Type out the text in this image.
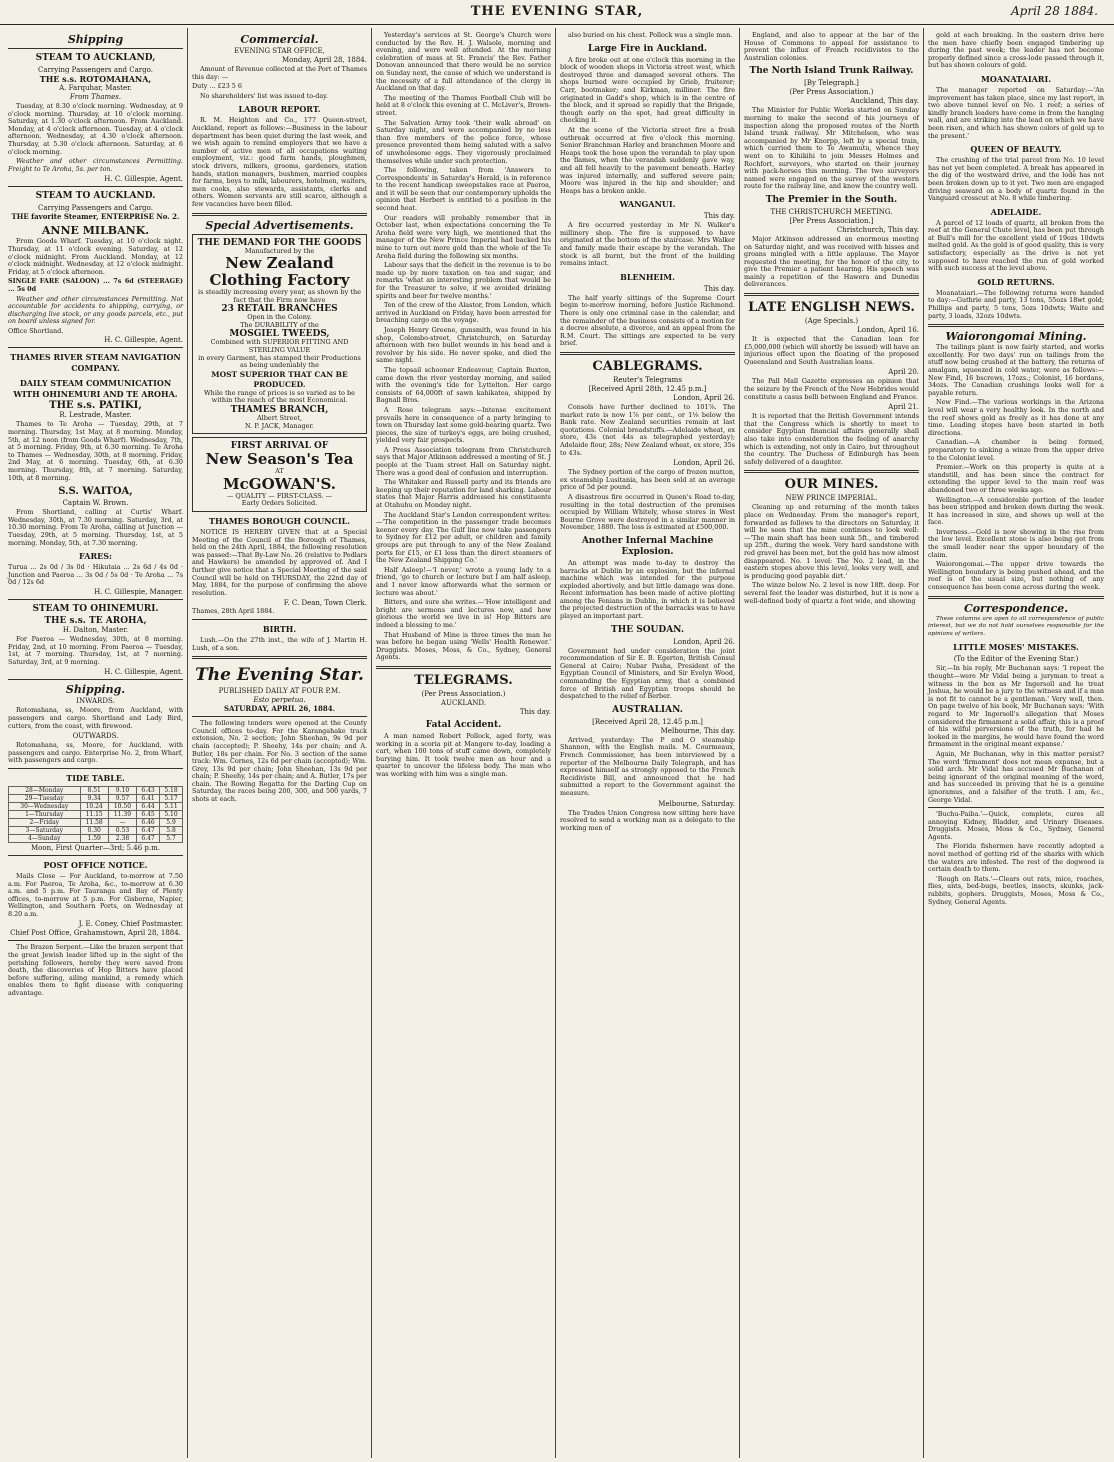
THE EVENING STAR,	April 28 1884.
Shipping
STEAM TO AUCKLAND,
Carrying Passengers and Cargo.
THE s.s. ROTOMAHANA,
A. Farquhar, Master.
From Thames.
Tuesday, at 8.30 o'clock morning. Wednesday, at 9 o'clock morning. Thursday, at 10 o'clock morning. Saturday, at 1.30 o'clock afternoon. From Auckland. Monday, at 4 o'clock afternoon. Tuesday, at 4 o'clock afternoon. Wednesday, at 4.30 o'clock afternoon. Thursday, at 5.30 o'clock afternoon. Saturday, at 6 o'clock morning.
Weather and other circumstances Permitting. Freight to Te Aroha, 5s. per ton.
H. C. Gillespie, Agent.
STEAM TO AUCKLAND.
Carrying Passengers and Cargo.
THE favorite Steamer, ENTERPRISE No. 2.
ANNE MILBANK.
From Goods Wharf. Tuesday, at 10 o'clock night. Thursday, at 11 o'clock evening. Saturday, at 12 o'clock midnight. From Auckland. Monday, at 12 o'clock midnight. Wednesday, at 12 o'clock midnight. Friday, at 5 o'clock afternoon.
SINGLE FARE (SALOON) ... 7s 6d (STEERAGE) ... 5s 0d
Weather and other circumstances Permitting. Not accountable for accidents to shipping, carrying, or discharging live stock, or any goods parcels, etc., put on board unless signed for.
Office Shortland.
H. C. Gillespie, Agent.
THAMES RIVER STEAM NAVIGATION COMPANY.
DAILY STEAM COMMUNICATION WITH OHINEMURI AND TE AROHA.
THE s.s. PATIKI,
R. Lestrade, Master.
Thames to Te Aroha — Tuesday, 29th, at 7 morning. Thursday, 1st May, at 8 morning. Monday, 5th, at 12 noon (from Goods Wharf). Wednesday, 7th, at 5 morning. Friday, 9th, at 6.30 morning. Te Aroha to Thames — Wednesday, 30th, at 8 morning. Friday, 2nd May, at 6 morning. Tuesday, 6th, at 6.30 morning. Thursday, 8th, at 7 morning. Saturday, 10th, at 8 morning.
S.S. WAITOA,
Captain W. Brown.
From Shortland, calling at Curtis' Wharf. Wednesday, 30th, at 7.30 morning. Saturday, 3rd, at 10.30 morning. From Te Aroha, calling at Junction — Tuesday, 29th, at 5 morning. Thursday, 1st, at 5 morning. Monday, 5th, at 7.30 morning.
FARES:
Turua ... 2s 0d / 3s 0d · Hikutaia ... 2s 6d / 4s 0d · Junction and Paeroa ... 3s 0d / 5s 0d · Te Aroha ... 7s 0d / 12s 6d
H. C. Gillespie, Manager.
STEAM TO OHINEMURI.
THE s.s. TE AROHA,
H. Dalton, Master.
For Paeroa — Wednesday, 30th, at 8 morning. Friday, 2nd, at 10 morning. From Paeroa — Tuesday, 1st, at 7 morning. Thursday, 1st, at 7 morning. Saturday, 3rd, at 9 morning.
H. C. Gillespie, Agent.
Shipping.
INWARDS.
Rotomahana, ss, Moore, from Auckland, with passengers and cargo. Shortland and Lady Bird, cutters, from the coast, with firewood.
OUTWARDS.
Rotomahana, ss, Moore, for Auckland, with passengers and cargo. Enterprise No. 2, from Wharf, with passengers and cargo.
TIDE TABLE.
28—Monday	8.51	9.10	6.43	5.18
29—Tuesday	9.34	9.57	6.41	5.17
30—Wednesday	10.24	10.50	6.44	5.11
1—Thursday	11.15	11.39	6.45	5.10
2—Friday	11.58	—	6.46	5.9
3—Saturday	0.30	0.53	6.47	5.8
4—Sunday	1.59	2.38	6.47	5.7
Moon, First Quarter—3rd; 5.46 p.m.
POST OFFICE NOTICE.
Mails Close — For Auckland, to-morrow at 7.50 a.m. For Paeroa, Te Aroha, &c., to-morrow at 6.30 a.m. and 5 p.m. For Tauranga and Bay of Plenty offices, to-morrow at 5 p.m. For Gisborne, Napier, Wellington, and Southern Ports, on Wednesday at 8.20 a.m.
J. E. Coney, Chief Postmaster.
Chief Post Office, Grahamstown, April 28, 1884.
The Brazen Serpent.—Like the brazen serpent that the great Jewish leader lifted up in the sight of the perishing followers, hereby they were saved from death, the discoveries of Hop Bitters have placed before suffering, ailing mankind, a remedy which enables them to fight disease with conquering advantage.
Commercial.
EVENING STAR OFFICE,
Monday, April 28, 1884.
Amount of Revenue collected at the Port of Thames this day: —
Duty ... £23 5 6
No shareholders' list was issued to-day.
LABOUR REPORT.
R. M. Heighton and Co., 177 Queen-street, Auckland, report as follows:—Business in the labour department has been quiet during the last week, and we wish again to remind employers that we have a number of active men of all occupations waiting employment, viz.: good farm hands, ploughmen, stock drivers, milkers, grooms, gardeners, station hands, station managers, bushmen, married couples for farms, boys to milk, labourers, hotelmen, waiters, men cooks, also stewards, assistants, clerks and others. Women servants are still scarce, although a few vacancies have been filled.
Special Advertisements.
THE DEMAND FOR THE GOODS
Manufactured by the
New Zealand Clothing Factory
is steadily increasing every year, as shown by the fact that the Firm now have
23 RETAIL BRANCHES
Open in the Colony.
The DURABILITY of the
MOSGIEL TWEEDS,
Combined with SUPERIOR FITTING AND STERLING VALUE
in every Garment, has stamped their Productions as being undeniably the
MOST SUPERIOR THAT CAN BE PRODUCED.
While the range of prices is so varied as to be within the reach of the most Economical.
THAMES BRANCH,
Albert Street,
N. P. JACK, Manager.
FIRST ARRIVAL OF
New Season's Tea
AT
McGOWAN'S.
— QUALITY — FIRST-CLASS. —
Early Orders Solicited.
THAMES BOROUGH COUNCIL.
NOTICE IS HEREBY GIVEN that at a Special Meeting of the Council of the Borough of Thames, held on the 24th April, 1884, the following resolution was passed:—That By-Law No. 26 (relative to Pedlars and Hawkers) be amended by approved of. And I further give notice that a Special Meeting of the said Council will be held on THURSDAY, the 22nd day of May, 1884, for the purpose of confirming the above resolution.
F. C. Dean, Town Clerk.
Thames, 28th April 1884.
BIRTH.
Lush.—On the 27th inst., the wife of J. Martin H. Lush, of a son.
The Evening Star.
PUBLISHED DAILY AT FOUR P.M.
Esto perpetua.
SATURDAY, APRIL 26, 1884.
The following tenders were opened at the County Council offices to-day. For the Karangahake track extension, No. 2 section; John Sheehan, 9s 9d per chain (accepted); P. Sheehy, 14s per chain; and A. Butler, 18s per chain. For No. 3 section of the same track: Wm. Cornes, 12s 6d per chain (accepted); Wm. Grey, 13s 9d per chain; John Sheehan, 13s 9d per chain; P. Sheehy, 14s per chain; and A. Butler, 17s per chain. The Rowing Regatta for the Darling Cup on Saturday, the races being 200, 300, and 500 yards, 7 shots at each.
Yesterday's services at St. George's Church were conducted by the Rev. H. J. Walsole, morning and evening, and were well attended. At the morning celebration of mass at St. Francis' the Rev. Father Donovan announced that there would be no service on Sunday next, the cause of which we understand is the necessity of a full attendance of the clergy in Auckland on that day.
The meeting of the Thames Football Club will be held at 8 o'clock this evening at C. McLiver's, Brown-street.
The Salvation Army took 'their walk abroad' on Saturday night, and were accompanied by no less than five members of the police force, whose presence prevented them being saluted with a salvo of unwholesome eggs. They vigorously proclaimed themselves while under such protection.
The following, taken from 'Answers to Correspondents' in Saturday's Herald, is in reference to the recent handicap sweepstakes race at Paeroa, and it will be seen that our contemporary upholds the opinion that Herbert is entitled to a position in the second heat.
Our readers will probably remember that in October last, when expectations concerning the Te Aroha field were very high, we mentioned that the manager of the New Prince Imperial had backed his mine to turn out more gold than the whole of the Te Aroha field during the following six months.
Labour says that the deficit in the revenue is to be made up by more taxation on tea and sugar, and remarks 'what an interesting problem that would be for the Treasurer to solve, if we avoided drinking spirits and beer for twelve months.'
Ten of the crew of the Alastor, from London, which arrived in Auckland on Friday, have been arrested for breaching cargo on the voyage.
Joseph Henry Greene, gunsmith, was found in his shop, Colombo-street, Christchurch, on Saturday afternoon with two bullet wounds in his head and a revolver by his side. He never spoke, and died the same night.
The topsail schooner Endeavour, Captain Buxton, came down the river yesterday morning, and sailed with the evening's tide for Lyttelton. Her cargo consists of 64,000ft of sawn kahikatea, shipped by Bagnall Bros.
A Rose telegram says:—Intense excitement prevails here in consequence of a party bringing to town on Thursday last some gold-bearing quartz. Two pieces, the size of turkey's eggs, are being crushed, yielded very fair prospects.
A Press Association telegram from Christchurch says that Major Atkinson addressed a meeting of St. J people at the Tuam street Hall on Saturday night. There was a good deal of confusion and interruption.
The Whitaker and Russell party and its friends are keeping up their reputation for land sharking. Labour states that Major Harris addressed his constituents at Otahuhu on Monday night.
The Auckland Star's London correspondent writes:—'The competition in the passenger trade becomes keener every day. The Gulf line now take passengers to Sydney for £12 per adult, or children and family groups are put through to any of the New Zealand ports for £15, or £1 less than the direct steamers of the New Zealand Shipping Co.'
Half Asleep!—'I never,' wrote a young lady to a friend, 'go to church or lecture but I am half asleep, and I never know afterwards what the sermon or lecture was about.'
Bitters, and sure she writes.—'How intelligent and bright are sermons and lectures now, and how glorious the world we live in is! Hop Bitters are indeed a blessing to me.'
That Husband of Mine is three times the man he was before he began using 'Wells' Health Renewer.' Druggists. Moses, Moss, & Co., Sydney, General Agents.
TELEGRAMS.
(Per Press Association.)
AUCKLAND.
This day.
Fatal Accident.
A man named Robert Pollock, aged forty, was working in a scoria pit at Mangere to-day, loading a cart, when 100 tons of stuff came down, completely burying him. It took twelve men an hour and a quarter to uncover the lifeless body. The man who was working with him was a single man.
also buried on his chest. Pollock was a single man.
Large Fire in Auckland.
A fire broke out at one o'clock this morning in the block of wooden shops in Victoria street west, which destroyed three and damaged several others. The shops burned were occupied by Grieb, fruiterer; Carr, bootmaker; and Kirkman, milliner. The fire originated in Gadd's shop, which is in the centre of the block, and it spread so rapidly that the Brigade, though early on the spot, had great difficulty in checking it.
At the scene of the Victoria street fire a fresh outbreak occurred at five o'clock this morning. Senior Branchman Harley and branchmen Moore and Heaps took the hose upon the verandah to play upon the flames, when the verandah suddenly gave way, and all fell heavily to the pavement beneath. Harley was injured internally, and suffered severe pain; Moore was injured in the hip and shoulder; and Heaps has a broken ankle.
WANGANUI.
This day.
A fire occurred yesterday in Mr N. Walker's millinery shop. The fire is supposed to have originated at the bottom of the staircase. Mrs Walker and family made their escape by the verandah. The stock is all burnt, but the front of the building remains intact.
BLENHEIM.
This day.
The half yearly sittings of the Supreme Court begin to-morrow morning, before Justice Richmond. There is only one criminal case in the calendar, and the remainder of the business consists of a motion for a decree absolute, a divorce, and an appeal from the R.M. Court. The sittings are expected to be very brief.
CABLEGRAMS.
Reuter's Telegrams
[Received April 28th, 12.45 p.m.]
London, April 26.
Consols have further declined to 101⅞. The market rate is now 1⅞ per cent., or 1⅛ below the Bank rate. New Zealand securities remain at last quotations. Colonial breadstuffs.—Adelaide wheat, ex store, 43s (not 44s as telegraphed yesterday); Adelaide flour, 28s; New Zealand wheat, ex store, 35s to 43s.
London, April 26.
The Sydney portion of the cargo of frozen mutton, ex steamship Lusitania, has been sold at an average price of 5d per pound.
A disastrous fire occurred in Queen's Road to-day, resulting in the total destruction of the premises occupied by William Whitely, whose stores in West Bourne Grove were destroyed in a similar manner in November, 1880. The loss is estimated at £500,000.
Another Infernal Machine Explosion.
An attempt was made to-day to destroy the barracks at Dublin by an explosion, but the infernal machine which was intended for the purpose exploded abortively, and but little damage was done. Recent information has been made of active plotting among the Fenians in Dublin, in which it is believed the projected destruction of the barracks was to have played an important part.
THE SOUDAN.
London, April 26.
Government had under consideration the joint recommendation of Sir E. B. Egerton, British Consul General at Cairo; Nubar Pasha, President of the Egyptian Council of Ministers, and Sir Evelyn Wood, commanding the Egyptian army, that a combined force of British and Egyptian troops should be despatched to the relief of Berber.
AUSTRALIAN.
[Received April 28, 12.45 p.m.]
Melbourne, This day.
Arrived, yesterday: The P and O steamship Shannon, with the English mails. M. Courmeaux, French Commissioner, has been interviewed by a reporter of the Melbourne Daily Telegraph, and has expressed himself as strongly opposed to the French Recidiviste Bill, and announced that he had submitted a report to the Government against the measure.
Melbourne, Saturday.
The Trades Union Congress now sitting here have resolved to send a working man as a delegate to the working men of
England, and also to appear at the bar of the House of Commons to appeal for assistance to prevent the influx of French recidivistes to the Australian colonies.
The North Island Trunk Railway.
[By Telegraph.]
(Per Press Association.)
Auckland, This day.
The Minister for Public Works started on Sunday morning to make the second of his journeys of inspection along the proposed routes of the North Island trunk railway. Mr Mitchelson, who was accompanied by Mr Knorpp, left by a special train, which carried them to Te Awamutu, whence they went on to Kihikihi to join Messrs Holmes and Rochfort, surveyors, who started on their journey with pack-horses this morning. The two surveyors named were engaged on the survey of the western route for the railway line, and know the country well.
The Premier in the South.
THE CHRISTCHURCH MEETING.
[Per Press Association.]
Christchurch, This day.
Major Atkinson addressed an enormous meeting on Saturday night, and was received with hisses and groans mingled with a little applause. The Mayor requested the meeting, for the honor of the city, to give the Premier a patient hearing. His speech was mainly a repetition of the Hawera and Dunedin deliverances.
LATE ENGLISH NEWS.
(Age Specials.)
London, April 16.
It is expected that the Canadian loan for £5,000,000 (which will shortly be issued) will have an injurious effect upon the floating of the proposed Queensland and South Australian loans.
April 20.
The Pall Mall Gazette expresses an opinion that the seizure by the French of the New Hebrides would constitute a casus belli between England and France.
April 21.
It is reported that the British Government intends that the Congress which is shortly to meet to consider Egyptian financial affairs generally shall also take into consideration the feeling of anarchy which is extending, not only in Cairo, but throughout the country. The Duchess of Edinburgh has been safely delivered of a daughter.
OUR MINES.
NEW PRINCE IMPERIAL.
Cleaning up and returning of the month takes place on Wednesday. From the manager's report, forwarded as follows to the directors on Saturday, it will be seen that the mine continues to look well:—'The main shaft has been sunk 5ft., and timbered up 25ft., during the week. Very hard sandstone with red gravel has been met, but the gold has now almost disappeared. No. 1 level: The No. 2 lead, in the eastern stopes above this level, looks very well, and is producing good payable dirt.'
The winze below No. 2 level is now 18ft. deep. For several feet the leader was disturbed, but it is now a well-defined body of quartz a foot wide, and showing
gold at each breaking. In the eastern drive here the men have chiefly been engaged timbering up during the past week; the leader has not become properly defined since a cross-lode passed through it, but has shown colours of gold.
MOANATAIARI.
The manager reported on Saturday:—'An improvement has taken place, since my last report, in two above tunnel level on No. 1 reef; a series of kindly branch leaders have come in from the hanging wall, and are striking into the lead on which we have been risen, and which has shown colors of gold up to the present.'
QUEEN OF BEAUTY.
The crushing of the trial parcel from No. 10 level has not yet been completed. A break has appeared in the dig of the westward drive, and the lode has not been broken down up to it yet. Two men are engaged driving seaward on a body of quartz found in the Vanguard crosscut at No. 8 while timbering.
ADELAIDE.
A parcel of 12 loads of quartz, all broken from the reef at the General Chute level, has been put through at Bull's mill for the excellent yield of 19ozs 10dwts melted gold. As the gold is of good quality, this is very satisfactory, especially as the drive is not yet supposed to have reached the run of gold worked with such success at the level above.
GOLD RETURNS.
Moanataiari.—The following returns were handed to day:—Guthrie and party, 13 tons, 55ozs 18wt gold; Phillips and party, 5 tons, 5ozs 10dwts; Waite and party, 3 loads, 32ozs 10dwts.
Waiorongomai Mining.
The tailings plant is now fairly started, and works excellently. For two days' run on tailings from the stuff now being crushed at the battery, the returns of amalgam, squeezed in cold water, were as follows:—New Find, 16 bscrews, 17ozs.; Colonist, 16 bordans, 34ozs. The Canadian crushings looks well for a payable return.
New Find.—The various workings in the Arizona level will wear a very healthy look. In the north and the reef shows gold as freely as it has done at any time. Leading stopes have been started in both directions.
Canadian.—A chamber is being formed, preparatory to sinking a winze from the upper drive to the Colonist level.
Premier.—Work on this property is quite at a standstill, and has been since the contract for extending the upper level to the main reef was abandoned two or three weeks ago.
Wellington.—A considerable portion of the leader has been stripped and broken down during the week. It has increased in size, and shows up well at the face.
Inverness.—Gold is now showing in the rise from the low level. Excellent stone is also being got from the small leader near the upper boundary of the claim.
Waiorongomai.—The upper drive towards the Wellington boundary is being pushed ahead, and the reef is of the usual size, but nothing of any consequence has been come across during the week.
Correspondence.
These columns are open to all correspondence of public interest, but we do not hold ourselves responsible for the opinions of writers.
LITTLE MOSES' MISTAKES.
(To the Editor of the Evening Star.)
Sir,—In his reply, Mr Buchanan says: 'I repeat the thought—were Mr Vidal being a juryman to treat a witness in the box as Mr Ingersoll and he treat Joshua, he would be a jury to the witness and if a man is not fit to cannot be a gentleman.' Very well, then. On page twelve of his book, Mr Buchanan says: 'With regard to Mr Ingersoll's allegation that Moses considered the firmament a solid affair, this is a proof of his wilful perversions of the truth, for had he looked in the margins, he would have found the word firmament in the original meant expanse.'
Again, Mr Buchanan, why in this matter persist? The word 'firmament' does not mean expanse, but a solid arch. Mr Vidal has accused Mr Buchanan of being ignorant of the original meaning of the word, and has succeeded in proving that he is a genuine ignoramus, and a falsifier of the truth. I am, &c., George Vidal.
'Buchu-Paiba.'—Quick, complete, cures all annoying Kidney, Bladder, and Urinary Diseases. Druggists. Moses, Moss & Co., Sydney, General Agents.
The Florida fishermen have recently adopted a novel method of getting rid of the sharks with which the waters are infested. The rest of the dogwood is certain death to them.
'Rough on Rats.'—Clears out rats, mice, roaches, flies, ants, bed-bugs, beetles, insects, skunks, jack-rabbits, gophers. Druggists, Moses, Moss & Co., Sydney, General Agents.
